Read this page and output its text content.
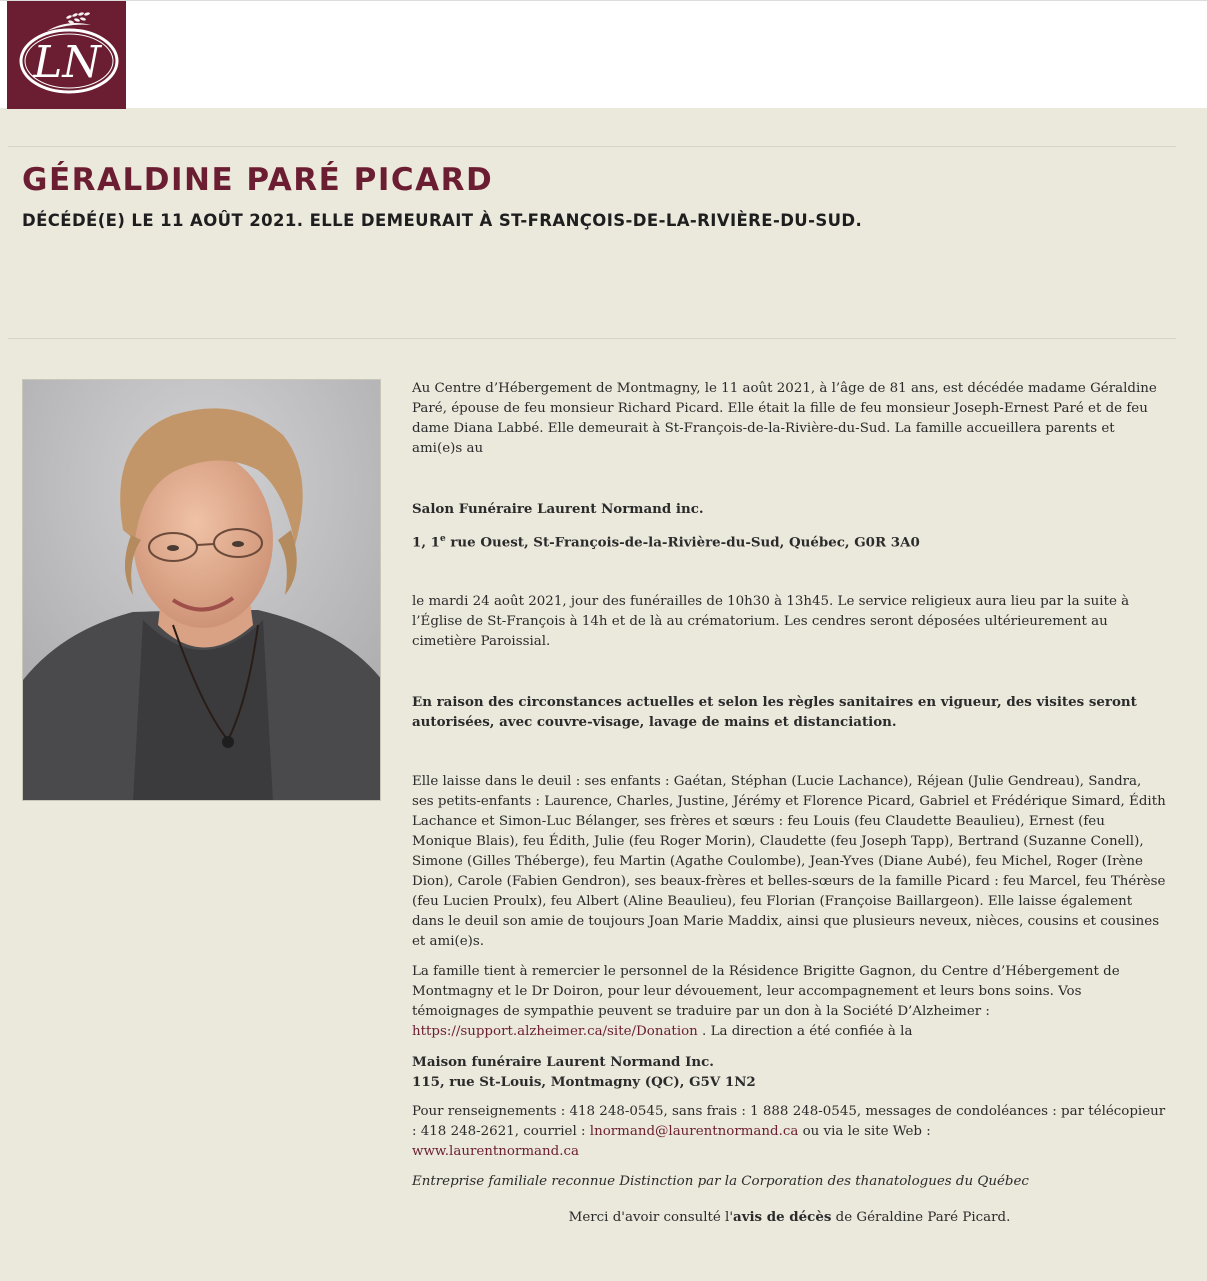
LN
GÉRALDINE PARÉ PICARD
DÉCÉDÉ(E) LE 11 AOÛT 2021. ELLE DEMEURAIT À ST-FRANÇOIS-DE-LA-RIVIÈRE-DU-SUD.

Au Centre d’Hébergement de Montmagny, le 11 août 2021, à l’âge de 81 ans, est décédée madame Géraldine Paré, épouse de feu monsieur Richard Picard. Elle était la fille de feu monsieur Joseph-Ernest Paré et de feu dame Diana Labbé. Elle demeurait à St-François-de-la-Rivière-du-Sud. La famille accueillera parents et ami(e)s au

Salon Funéraire Laurent Normand inc.

1, 1e rue Ouest, St-François-de-la-Rivière-du-Sud, Québec, G0R 3A0

le mardi 24 août 2021, jour des funérailles de 10h30 à 13h45. Le service religieux aura lieu par la suite à l’Église de St-François à 14h et de là au crématorium. Les cendres seront déposées ultérieurement au cimetière Paroissial.

En raison des circonstances actuelles et selon les règles sanitaires en vigueur, des visites seront autorisées, avec couvre-visage, lavage de mains et distanciation.

Elle laisse dans le deuil : ses enfants : Gaétan, Stéphan (Lucie Lachance), Réjean (Julie Gendreau), Sandra, ses petits-enfants : Laurence, Charles, Justine, Jérémy et Florence Picard, Gabriel et Frédérique Simard, Édith Lachance et Simon-Luc Bélanger, ses frères et sœurs : feu Louis (feu Claudette Beaulieu), Ernest (feu Monique Blais), feu Édith, Julie (feu Roger Morin), Claudette (feu Joseph Tapp), Bertrand (Suzanne Conell), Simone (Gilles Théberge), feu Martin (Agathe Coulombe), Jean-Yves (Diane Aubé), feu Michel, Roger (Irène Dion), Carole (Fabien Gendron), ses beaux-frères et belles-sœurs de la famille Picard : feu Marcel, feu Thérèse (feu Lucien Proulx), feu Albert (Aline Beaulieu), feu Florian (Françoise Baillargeon). Elle laisse également dans le deuil son amie de toujours Joan Marie Maddix, ainsi que plusieurs neveux, nièces, cousins et cousines et ami(e)s.

La famille tient à remercier le personnel de la Résidence Brigitte Gagnon, du Centre d’Hébergement de Montmagny et le Dr Doiron, pour leur dévouement, leur accompagnement et leurs bons soins. Vos témoignages de sympathie peuvent se traduire par un don à la Société D’Alzheimer :
https://support.alzheimer.ca/site/Donation . La direction a été confiée à la

Maison funéraire Laurent Normand Inc.

115, rue St-Louis, Montmagny (QC), G5V 1N2

Pour renseignements : 418 248-0545, sans frais : 1 888 248-0545, messages de condoléances : par télécopieur : 418 248-2621, courriel : lnormand@laurentnormand.ca ou via le site Web :
www.laurentnormand.ca

Entreprise familiale reconnue Distinction par la Corporation des thanatologues du Québec

Merci d'avoir consulté l'avis de décès de Géraldine Paré Picard.
